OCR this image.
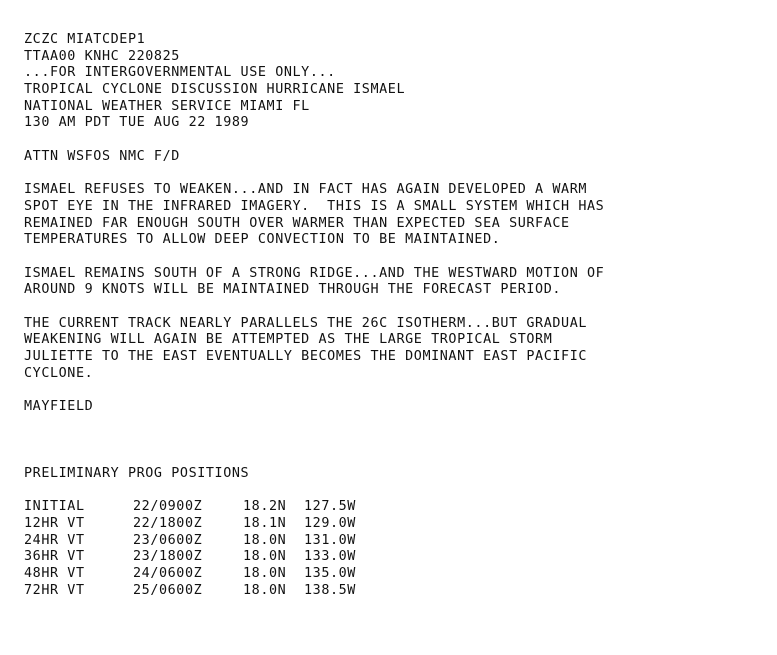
ZCZC MIATCDEP1
TTAA00 KNHC 220825
...FOR INTERGOVERNMENTAL USE ONLY...
TROPICAL CYCLONE DISCUSSION HURRICANE ISMAEL
NATIONAL WEATHER SERVICE MIAMI FL
130 AM PDT TUE AUG 22 1989
ATTN WSFOS NMC F/D
ISMAEL REFUSES TO WEAKEN...AND IN FACT HAS AGAIN DEVELOPED A WARM
SPOT EYE IN THE INFRARED IMAGERY.  THIS IS A SMALL SYSTEM WHICH HAS
REMAINED FAR ENOUGH SOUTH OVER WARMER THAN EXPECTED SEA SURFACE
TEMPERATURES TO ALLOW DEEP CONVECTION TO BE MAINTAINED.
ISMAEL REMAINS SOUTH OF A STRONG RIDGE...AND THE WESTWARD MOTION OF
AROUND 9 KNOTS WILL BE MAINTAINED THROUGH THE FORECAST PERIOD.
THE CURRENT TRACK NEARLY PARALLELS THE 26C ISOTHERM...BUT GRADUAL
WEAKENING WILL AGAIN BE ATTEMPTED AS THE LARGE TROPICAL STORM
JULIETTE TO THE EAST EVENTUALLY BECOMES THE DOMINANT EAST PACIFIC
CYCLONE.
MAYFIELD
PRELIMINARY PROG POSITIONS
INITIAL	22/0900Z	18.2N	127.5W
12HR VT	22/1800Z	18.1N	129.0W
24HR VT	23/0600Z	18.0N	131.0W
36HR VT	23/1800Z	18.0N	133.0W
48HR VT	24/0600Z	18.0N	135.0W
72HR VT	25/0600Z	18.0N	138.5W
